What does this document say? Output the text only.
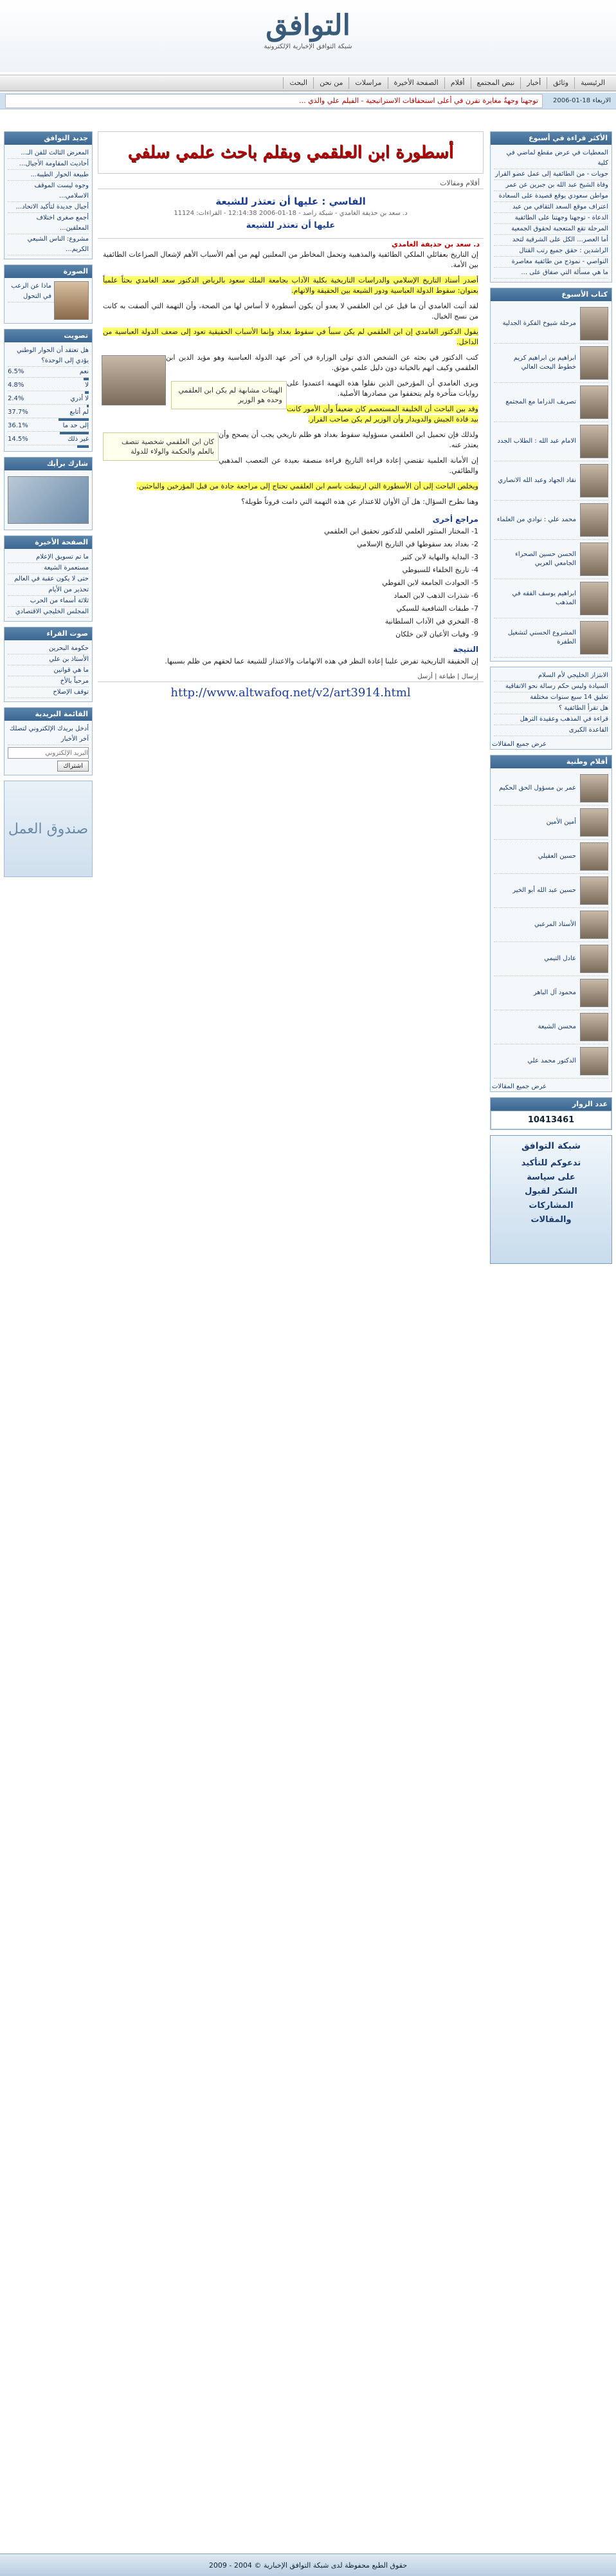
التوافق
شبكة التوافق الإخبارية الإلكترونية
الرئيسية
وثائق
أخبار
نبض المجتمع
أقلام
الصفحة الأخيرة
مراسلات
من نحن
البحث
الاربعاء 18-01-2006
توجهنا وجهةٌ مغايرة تقرن في أعلى استحقاقات الاستراتيجية - الفيلم علي والذي ...
الأكثر قراءة في أسبوع
المعطيات في عرض مقطع لماضي في كلية
حويات - من الطائفية إلى عمل عضو القرار
وفاة الشيخ عبد الله بن جبرين عن عمر
مواطن سعودي يوقع قصيدة على السعادة
اعتراف موقع السعد الثقافي من عبد
الدعاة - توجهنا وجهتنا على الطائفية
المرحلة تقع المتعجبة لحقوق الجمعية
أما العصر... الكل على الشرقية لتحد
الراشدين : حقق جميع رتب القتال
النواصي - نموذج من طائفية معاصرة
ما هي مسألة التي صفاق على ...
كتاب الأسبوع
مرحلة شيوخ الفكرة الجدلية
ابراهيم بن ابراهيم كريم خطوط البحث العالي
تصريف الدراما مع المجتمع
الامام عبد الله : الطلاب الجدد
نقاد الجهاد وعبد الله الانصاري
محمد علي : نوادي من العلماء
الحسن حسين الصحراء الجامعي العربي
ابراهيم يوسف الفقه في المذهب
المشروع الحسني لتشغيل الطفرة
الابتزاز الخليجي لأم السلام
السيادة وليس حكم رسالة نحو الاتفاقية
تعليق 14 سبع سنوات مختلفة
هل تقرأ الطائفية ؟
قراءة في المذهب وعقيدة الترهل
القاعدة الكبرى
عرض جميع المقالات
أقلام وطنية
عمر بن مسؤول الحق الحكيم
أمين الأمين
حسين العقيلي
حسين عبد الله أبو الخير
الأستاذ المرعبي
عادل التيمي
محمود آل الباهر
محسن الشيعة
الدكتور محمد علي
عرض جميع المقالات
عدد الزوار
10413461
شبكة التوافق
تدعوكم للتأكيد
على سياسة
الشكر لقبول
المشاركات
والمقالات
أسطورة ابن العلقمي وبقلم باحث علمي سلفي
أقلام ومقالات
الفاسي : عليها أن تعتذر للشيعة
د. سعد بن حذيفة الغامدي - شبكة راصد - 18-01-2006 12:14:38 - القراءات: 11124
عليها أن تعتذر للشيعة
د. سعد بن حذيفة الغامدي

إن التاريخ بعقائلي الملكي الطائفية والمذهبية وتحمل المخاطر من المعلنين لهم من أهم الأسباب الأهم لإشعال الصراعات الطائفية بين الأمة.

أصدر أستاذ التاريخ الإسلامي والدراسات التاريخية بكلية الآداب بجامعة الملك سعود بالرياض الدكتور سعد الغامدي بحثاً علمياً بعنوان: سقوط الدولة العباسية ودور الشيعة بين الحقيقة والاتهام.

لقد أثبت الغامدي أن ما قيل عن ابن العلقمي لا يعدو أن يكون أسطورة لا أساس لها من الصحة، وأن التهمة التي ألصقت به كانت من نسج الخيال.

يقول الدكتور الغامدي إن ابن العلقمي لم يكن سبباً في سقوط بغداد وإنما الأسباب الحقيقية تعود إلى ضعف الدولة العباسية من الداخل.

كتب الدكتور في بحثه عن الشخص الذي تولى الوزارة في آخر عهد الدولة العباسية وهو مؤيد الدين ابن العلقمي وكيف اتهم بالخيانة دون دليل علمي موثق.

الهيئات مشابهة لم يكن ابن العلقمي وحده هو الوزير

ويرى الغامدي أن المؤرخين الذين نقلوا هذه التهمة اعتمدوا على روايات متأخرة ولم يتحققوا من مصادرها الأصلية.

وقد بين الباحث أن الخليفة المستعصم كان ضعيفاً وأن الأمور كانت بيد قادة الجيش والدويدار وأن الوزير لم يكن صاحب القرار.

كان ابن العلقمي شخصية تتصف بالعلم والحكمة والولاء للدولة

ولذلك فإن تحميل ابن العلقمي مسؤولية سقوط بغداد هو ظلم تاريخي يجب أن يصحح وأن يعتذر عنه.

إن الأمانة العلمية تقتضي إعادة قراءة التاريخ قراءة منصفة بعيدة عن التعصب المذهبي والطائفي.

ويخلص الباحث إلى أن الأسطورة التي ارتبطت باسم ابن العلقمي تحتاج إلى مراجعة جادة من قبل المؤرخين والباحثين.

وهنا نطرح السؤال: هل آن الأوان للاعتذار عن هذه التهمة التي دامت قروناً طويلة؟

مراجع أخرى
1- المختار المنثور العلمي للدكتور تحقيق ابن العلقمي
2- بغداد بعد سقوطها في التاريخ الإسلامي
3- البداية والنهاية لابن كثير
4- تاريخ الخلفاء للسيوطي
5- الحوادث الجامعة لابن الفوطي
6- شذرات الذهب لابن العماد
7- طبقات الشافعية للسبكي
8- الفخري في الآداب السلطانية
9- وفيات الأعيان لابن خلكان
النتيجة

إن الحقيقة التاريخية تفرض علينا إعادة النظر في هذه الاتهامات والاعتذار للشيعة عما لحقهم من ظلم بسببها.

إرسال | طباعة | أرسل
http://www.altwafoq.net/v2/art3914.html
جديد التوافق
المعرض الثالث للفن الـ...
أحاديث المقاومة الأجيال...
طبيعة الحوار الطيبة...
وجوه ليست الموقف الاسلامي...
أجيال جديدة لتأكيد الاتحاد...
أجمع صغرى اختلاف المعلقين...
مشروع: الناس الشيعي الكريم...
الصورة
ماذا عن الرعب في التحول
تصويت
هل تعتقد أن الحوار الوطني يؤدي إلى الوحدة؟
نعم
6.5%
لا
4.8%
لا أدري
2.4%
لم أتابع
37.7%
إلى حد ما
36.1%
غير ذلك
14.5%
شارك برأيك
الصفحة الأخيرة
ما تم تسويق الإعلام
مستعمرة الشيعة
حتى لا يكون عقبة في العالم
تحذير من الأيام
ثلاثة أسماء من الحرب
المجلس الخليجي الاقتصادي
صوت القراء
حكومة البحرين
الأستاذ بن علي
ما هي قوانين
مرحباً بالأخ
توقف الإصلاح
القائمة البريدية
أدخل بريدك الإلكتروني لتصلك آخر الأخبار
البريد الإلكتروني اشتراك
صندوق العمل
حقوق الطبع محفوظة لدى شبكة التوافق الإخبارية © 2004 - 2009
